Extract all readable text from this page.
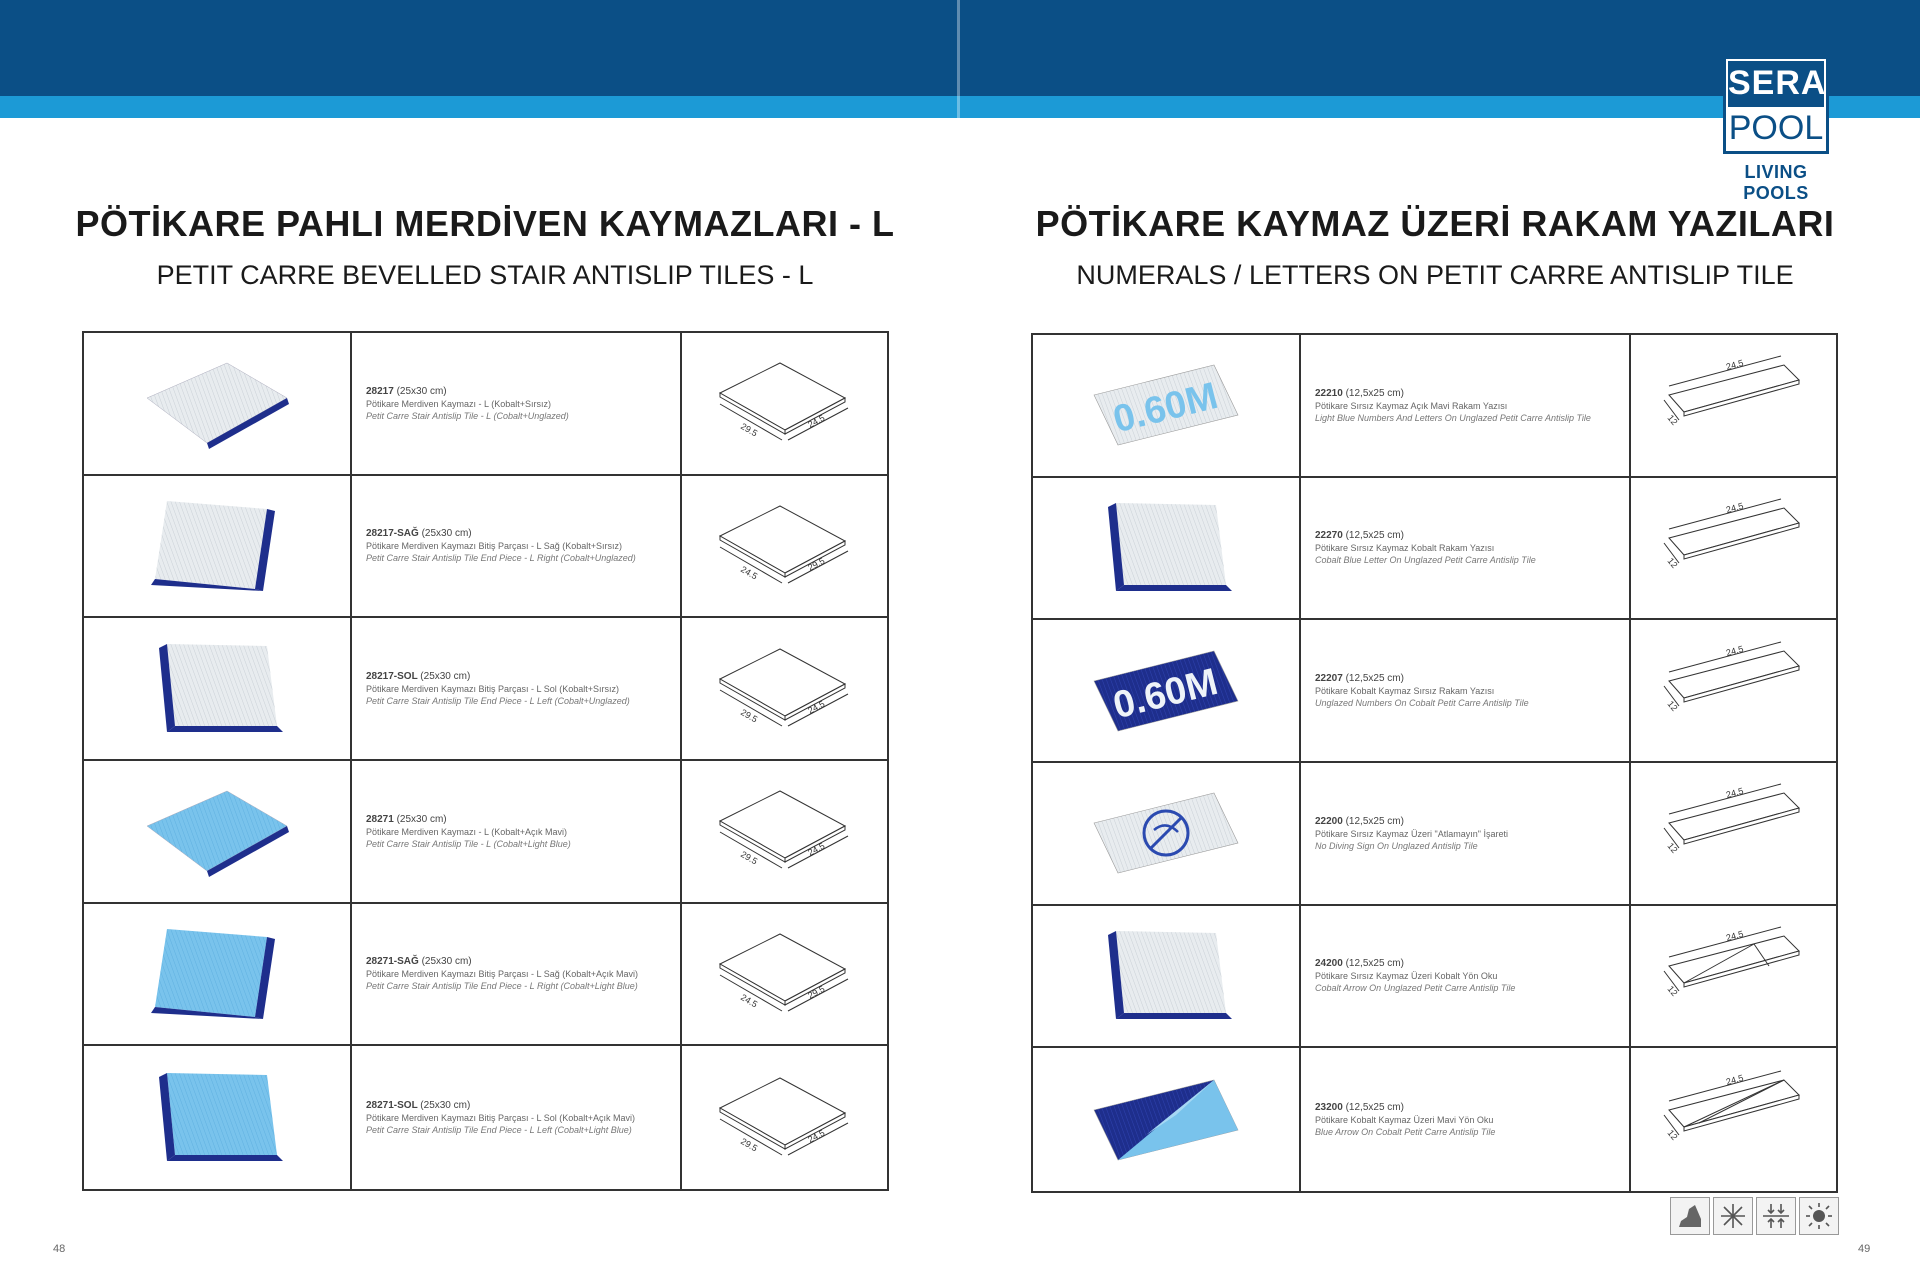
SERA
POOL
LIVING POOLS
PÖTİKARE PAHLI MERDİVEN KAYMAZLARI - L
PETIT CARRE BEVELLED STAIR ANTISLIP TILES - L
PÖTİKARE KAYMAZ ÜZERİ RAKAM YAZILARI
NUMERALS / LETTERS ON PETIT CARRE ANTISLIP TILE
28217 (25x30 cm)
Pötikare Merdiven Kaymazı - L (Kobalt+Sırsız)
Petit Carre Stair Antislip Tile - L (Cobalt+Unglazed)
29.5	24.5
28217-SAĞ (25x30 cm)
Pötikare Merdiven Kaymazı Bitiş Parçası - L Sağ (Kobalt+Sırsız)
Petit Carre Stair Antislip Tile End Piece - L Right (Cobalt+Unglazed)
24.5	29.5
28217-SOL (25x30 cm)
Pötikare Merdiven Kaymazı Bitiş Parçası - L Sol (Kobalt+Sırsız)
Petit Carre Stair Antislip Tile End Piece - L Left (Cobalt+Unglazed)
29.5	24.5
28271 (25x30 cm)
Pötikare Merdiven Kaymazı - L (Kobalt+Açık Mavi)
Petit Carre Stair Antislip Tile - L (Cobalt+Light Blue)
29.5	24.5
28271-SAĞ (25x30 cm)
Pötikare Merdiven Kaymazı Bitiş Parçası - L Sağ (Kobalt+Açık Mavi)
Petit Carre Stair Antislip Tile End Piece - L Right (Cobalt+Light Blue)
24.5	29.5
28271-SOL (25x30 cm)
Pötikare Merdiven Kaymazı Bitiş Parçası - L Sol (Kobalt+Açık Mavi)
Petit Carre Stair Antislip Tile End Piece - L Left (Cobalt+Light Blue)
29.5	24.5
0.60M	22210 (12,5x25 cm)
Pötikare Sırsız Kaymaz Açık Mavi Rakam Yazısı
Light Blue Numbers And Letters On Unglazed Petit Carre Antislip Tile
24.5
12
22270 (12,5x25 cm)
Pötikare Sırsız Kaymaz Kobalt Rakam Yazısı
Cobalt Blue Letter On Unglazed Petit Carre Antislip Tile
24.5
12
0.60M	22207 (12,5x25 cm)
Pötikare Kobalt Kaymaz Sırsız Rakam Yazısı
Unglazed Numbers On Cobalt Petit Carre Antislip Tile
24.5
12
22200 (12,5x25 cm)
Pötikare Sırsız Kaymaz Üzeri "Atlamayın" İşareti
No Diving Sign On Unglazed Antislip Tile
24.5
12
24200 (12,5x25 cm)
Pötikare Sırsız Kaymaz Üzeri Kobalt Yön Oku
Cobalt Arrow On Unglazed Petit Carre Antislip Tile
24.5
12
23200 (12,5x25 cm)
Pötikare Kobalt Kaymaz Üzeri Mavi Yön Oku
Blue Arrow On Cobalt Petit Carre Antislip Tile
24.5
12
48	49
